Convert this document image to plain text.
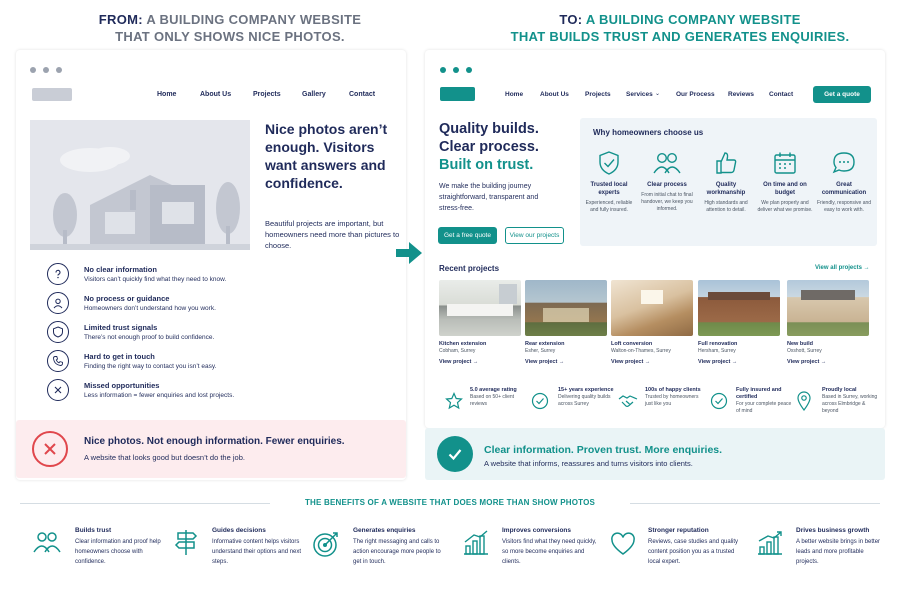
FROM: A BUILDING COMPANY WEBSITE
THAT ONLY SHOWS NICE PHOTOS.
TO: A BUILDING COMPANY WEBSITE
THAT BUILDS TRUST AND GENERATES ENQUIRIES.
Home	About Us	Projects	Gallery	Contact
Nice photos aren’t enough. Visitors want answers and confidence.
Beautiful projects are important, but homeowners need more than pictures to choose.
No clear information
Visitors can’t quickly find what they need to know.
No process or guidance
Homeowners don’t understand how you work.
Limited trust signals
There’s not enough proof to build confidence.
Hard to get in touch
Finding the right way to contact you isn’t easy.
Missed opportunities
Less information = fewer enquiries and lost projects.
Nice photos. Not enough information. Fewer enquiries.
A website that looks good but doesn’t do the job.
Home	About Us Projects Services ⌄ Our Process Reviews Contact	Get a quote
Quality builds.
Clear process.
Built on trust.
We make the building journey straightforward, transparent and stress-free.
Get a free quote	View our projects
Why homeowners choose us
Trusted local experts
Experienced, reliable and fully insured.
Clear process
From initial chat to final handover, we keep you informed.
Quality workmanship
High standards and attention to detail.
On time and on budget
We plan properly and deliver what we promise.
Great communication
Friendly, responsive and easy to work with.
Recent projects	View all projects →
Kitchen extension
Cobham, Surrey
View project →
Rear extension
Esher, Surrey
View project →
Loft conversion
Walton-on-Thames, Surrey
View project →
Full renovation
Hersham, Surrey
View project →
New build
Oxshott, Surrey
View project →
5.0 average rating
Based on 50+ client reviews
15+ years experience
Delivering quality builds across Surrey
100s of happy clients
Trusted by homeowners just like you
Fully insured and certified
For your complete peace of mind
Proudly local
Based in Surrey, working across Elmbridge & beyond
Clear information. Proven trust. More enquiries.
A website that informs, reassures and turns visitors into clients.
THE BENEFITS OF A WEBSITE THAT DOES MORE THAN SHOW PHOTOS
Builds trust
Clear information and proof help homeowners choose with confidence.
Guides decisions
Informative content helps visitors understand their options and next steps.
Generates enquiries
The right messaging and calls to action encourage more people to get in touch.
Improves conversions
Visitors find what they need quickly, so more become enquiries and clients.
Stronger reputation
Reviews, case studies and quality content position you as a trusted local expert.
Drives business growth
A better website brings in better leads and more profitable projects.
